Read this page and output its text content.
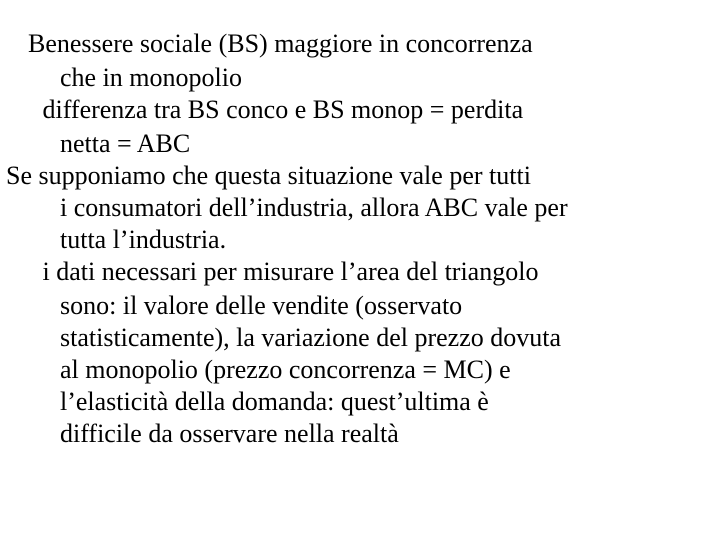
Benessere sociale (BS) maggiore in concorrenza
che in monopolio

differenza tra BS conco e BS monop = perdita
netta = ABC

Se supponiamo che questa situazione vale per tutti
i consumatori dell’industria, allora ABC vale per
tutta l’industria.

i dati necessari per misurare l’area del triangolo
sono: il valore delle vendite (osservato
statisticamente), la variazione del prezzo dovuta
al monopolio (prezzo concorrenza = MC) e
l’elasticità della domanda: quest’ultima è
difficile da osservare nella realtà
